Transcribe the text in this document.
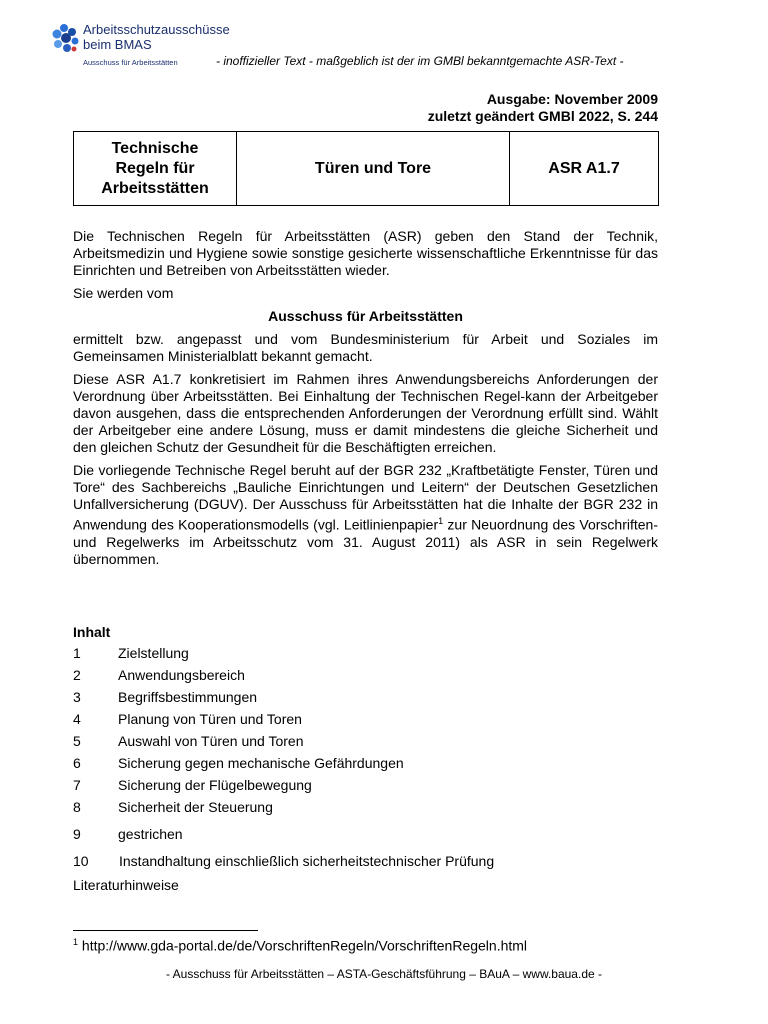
Arbeitsschutzausschüsse
beim BMAS
Ausschuss für Arbeitsstätten	- inoffizieller Text - maßgeblich ist der im GMBl bekanntgemachte ASR-Text -
Ausgabe: November 2009
zuletzt geändert GMBl 2022, S. 244
Technische
Regeln für
Arbeitsstätten
	Türen und Tore	ASR A1.7

Die Technischen Regeln für Arbeitsstätten (ASR) geben den Stand der Technik, Arbeitsmedizin und Hygiene sowie sonstige gesicherte wissenschaftliche Erkenntnisse für das Einrichten und Betreiben von Arbeitsstätten wieder.

Sie werden vom

Ausschuss für Arbeitsstätten

ermittelt bzw. angepasst und vom Bundesministerium für Arbeit und Soziales im Gemeinsamen Ministerialblatt bekannt gemacht.

Diese ASR A1.7 konkretisiert im Rahmen ihres Anwendungsbereichs Anforderungen der Verordnung über Arbeitsstätten. Bei Einhaltung der Technischen Regel-kann der Arbeitgeber davon ausgehen, dass die entsprechenden Anforderungen der Verordnung erfüllt sind. Wählt der Arbeitgeber eine andere Lösung, muss er damit mindestens die gleiche Sicherheit und den gleichen Schutz der Gesundheit für die Beschäftigten erreichen.

Die vorliegende Technische Regel beruht auf der BGR 232 „Kraftbetätigte Fenster, Türen und Tore“ des Sachbereichs „Bauliche Einrichtungen und Leitern“ der Deutschen Gesetzlichen Unfallversicherung (DGUV). Der Ausschuss für Arbeitsstätten hat die Inhalte der BGR 232 in Anwendung des Kooperationsmodells (vgl. Leitlinienpapier$^1$ zur Neuordnung des Vorschriften- und Regelwerks im Arbeitsschutz vom 31. August 2011) als ASR in sein Regelwerk übernommen.

Inhalt
1	Zielstellung
2	Anwendungsbereich
3	Begriffsbestimmungen
4	Planung von Türen und Toren
5	Auswahl von Türen und Toren
6	Sicherung gegen mechanische Gefährdungen
7	Sicherung der Flügelbewegung
8	Sicherheit der Steuerung
9	gestrichen
10 Instandhaltung einschließlich sicherheitstechnischer Prüfung
Literaturhinweise
$^1$ http://www.gda-portal.de/de/VorschriftenRegeln/VorschriftenRegeln.html
- Ausschuss für Arbeitsstätten – ASTA-Geschäftsführung – BAuA – www.baua.de -
